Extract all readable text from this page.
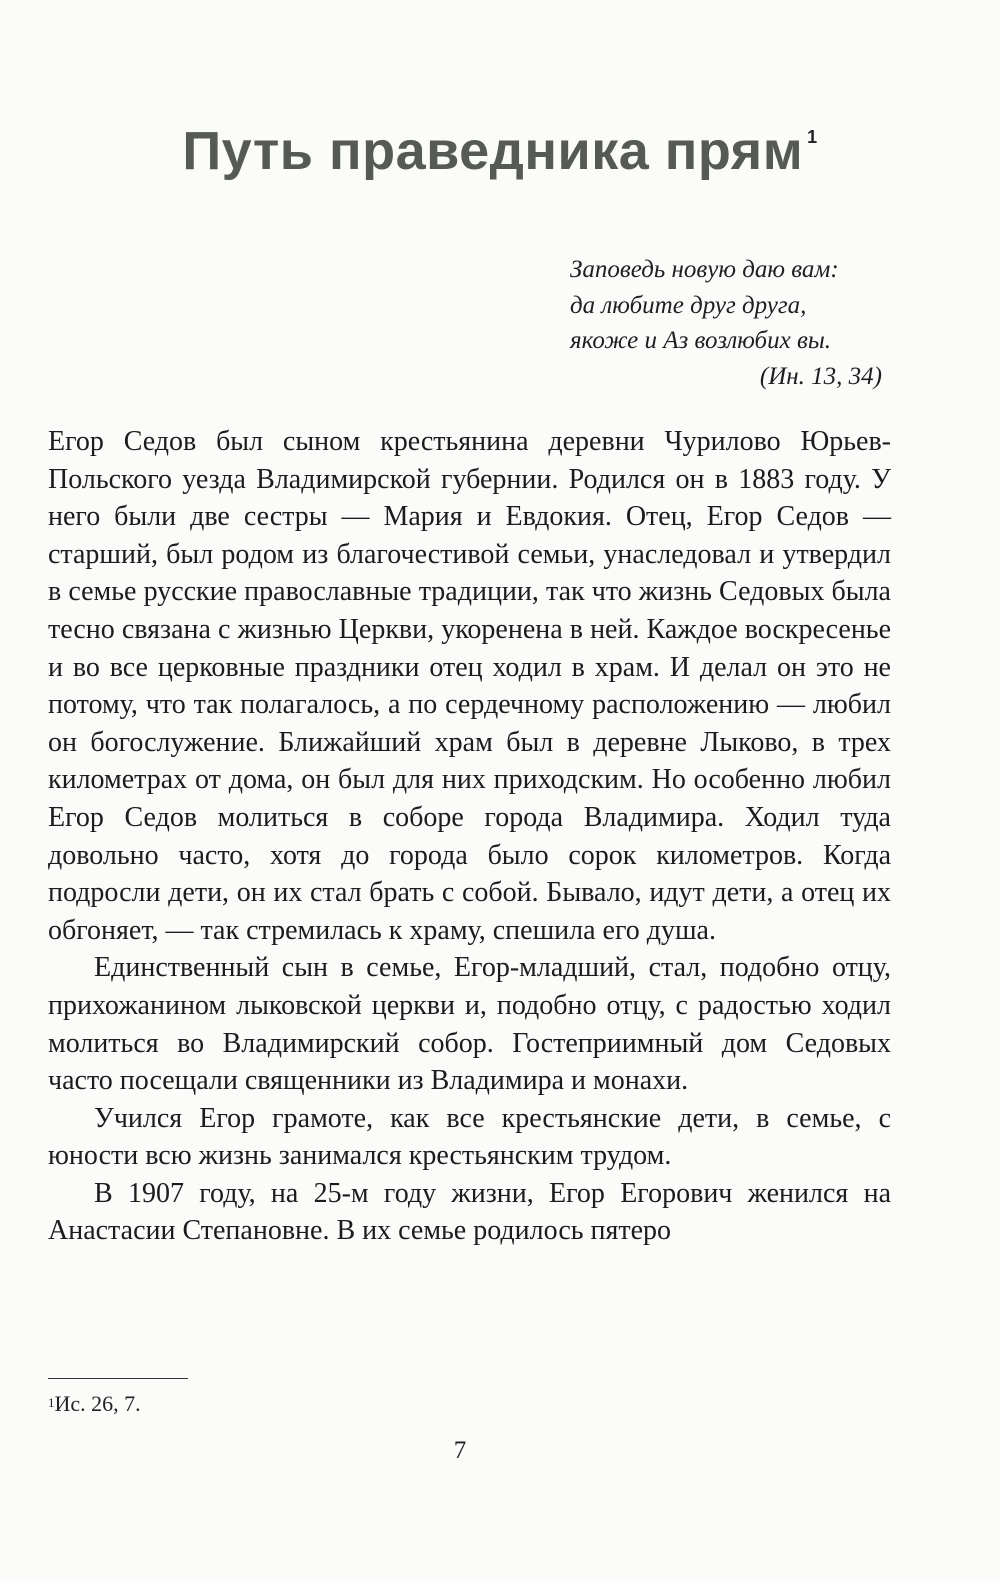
Путь праведника прям $^1$
Заповедь новую даю вам:
да любите друг друга,
якоже и Аз возлюбих вы.
(Ин. 13, 34)

Егор Седов был сыном крестьянина деревни Чурилово Юрьев-Польского уезда Владимирской губернии. Родился он в 1883 году. У него были две сестры — Мария и Евдокия. Отец, Егор Седов — старший, был родом из благочестивой семьи, унаследовал и утвердил в семье русские православные традиции, так что жизнь Седовых была тесно связана с жизнью Церкви, укоренена в ней. Каждое воскресенье и во все церковные праздники отец ходил в храм. И делал он это не потому, что так полагалось, а по сердечному расположению — любил он богослужение. Ближайший храм был в деревне Лыково, в трех километрах от дома, он был для них приходским. Но особенно любил Егор Седов молиться в соборе города Владимира. Ходил туда довольно часто, хотя до города было сорок километров. Когда подросли дети, он их стал брать с собой. Бывало, идут дети, а отец их обгоняет, — так стремилась к храму, спешила его душа.

Единственный сын в семье, Егор-младший, стал, подобно отцу, прихожанином лыковской церкви и, подобно отцу, с радостью ходил молиться во Владимирский собор. Гостеприимный дом Седовых часто посещали священники из Владимира и монахи.

Учился Егор грамоте, как все крестьянские дети, в семье, с юности всю жизнь занимался крестьянским трудом.

В 1907 году, на 25-м году жизни, Егор Егорович женился на Анастасии Степановне. В их семье родилось пятеро

$^1$Ис. 26, 7.
7
